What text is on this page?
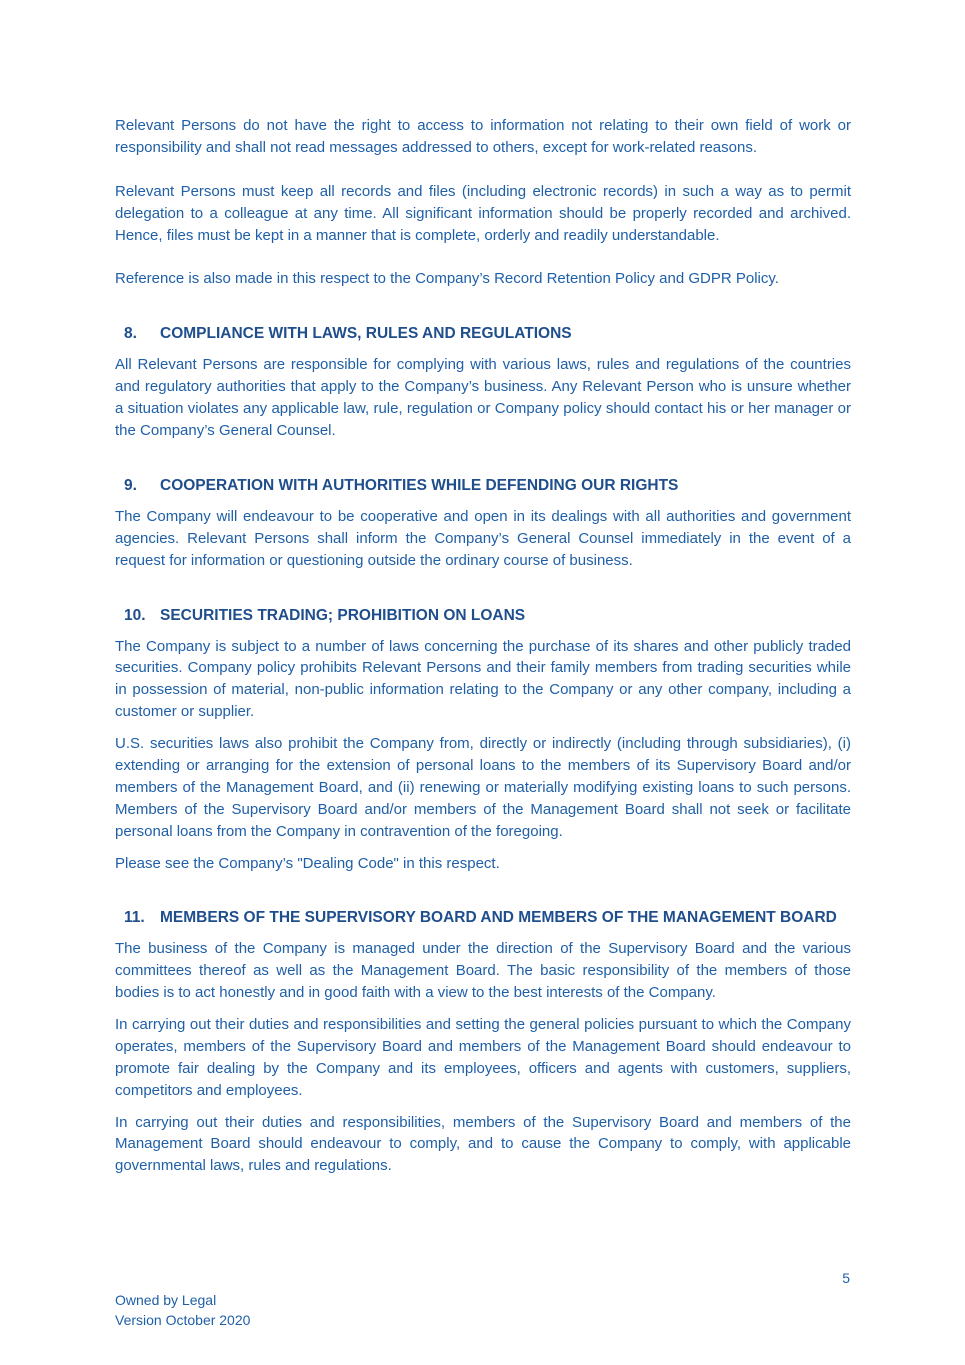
Relevant Persons do not have the right to access to information not relating to their own field of work or responsibility and shall not read messages addressed to others, except for work-related reasons.

Relevant Persons must keep all records and files (including electronic records) in such a way as to permit delegation to a colleague at any time. All significant information should be properly recorded and archived. Hence, files must be kept in a manner that is complete, orderly and readily understandable.

Reference is also made in this respect to the Company’s Record Retention Policy and GDPR Policy.

8.	COMPLIANCE WITH LAWS, RULES AND REGULATIONS

All Relevant Persons are responsible for complying with various laws, rules and regulations of the countries and regulatory authorities that apply to the Company’s business. Any Relevant Person who is unsure whether a situation violates any applicable law, rule, regulation or Company policy should contact his or her manager or the Company’s General Counsel.

9.	COOPERATION WITH AUTHORITIES WHILE DEFENDING OUR RIGHTS

The Company will endeavour to be cooperative and open in its dealings with all authorities and government agencies. Relevant Persons shall inform the Company’s General Counsel immediately in the event of a request for information or questioning outside the ordinary course of business.

10. SECURITIES TRADING; PROHIBITION ON LOANS

The Company is subject to a number of laws concerning the purchase of its shares and other publicly traded securities. Company policy prohibits Relevant Persons and their family members from trading securities while in possession of material, non-public information relating to the Company or any other company, including a customer or supplier.

U.S. securities laws also prohibit the Company from, directly or indirectly (including through subsidiaries), (i) extending or arranging for the extension of personal loans to the members of its Supervisory Board and/or members of the Management Board, and (ii) renewing or materially modifying existing loans to such persons. Members of the Supervisory Board and/or members of the Management Board shall not seek or facilitate personal loans from the Company in contravention of the foregoing.

Please see the Company’s "Dealing Code" in this respect.

11. MEMBERS OF THE SUPERVISORY BOARD AND MEMBERS OF THE MANAGEMENT BOARD

The business of the Company is managed under the direction of the Supervisory Board and the various committees thereof as well as the Management Board. The basic responsibility of the members of those bodies is to act honestly and in good faith with a view to the best interests of the Company.

In carrying out their duties and responsibilities and setting the general policies pursuant to which the Company operates, members of the Supervisory Board and members of the Management Board should endeavour to promote fair dealing by the Company and its employees, officers and agents with customers, suppliers, competitors and employees.

In carrying out their duties and responsibilities, members of the Supervisory Board and members of the Management Board should endeavour to comply, and to cause the Company to comply, with applicable governmental laws, rules and regulations.

5
Owned by Legal
Version October 2020
